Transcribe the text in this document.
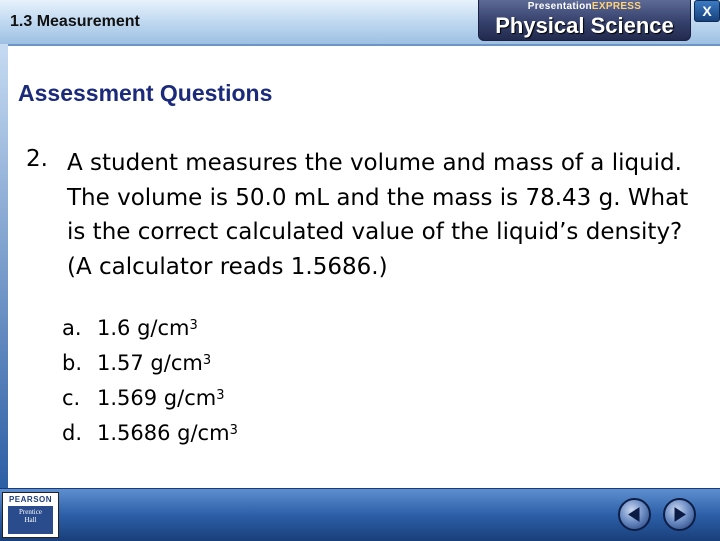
1.3 Measurement
PresentationEXPRESS
Physical Science
X
Assessment Questions
2. A student measures the volume and mass of a liquid. The volume is 50.0 mL and the mass is 78.43 g. What is the correct calculated value of the liquid’s density? (A calculator reads 1.5686.)
a. 1.6 $g/cm^3$
b. 1.57 $g/cm^3$
c. 1.569 $g/cm^3$
d. 1.5686 $g/cm^3$
PEARSON
Prentice
Hall
